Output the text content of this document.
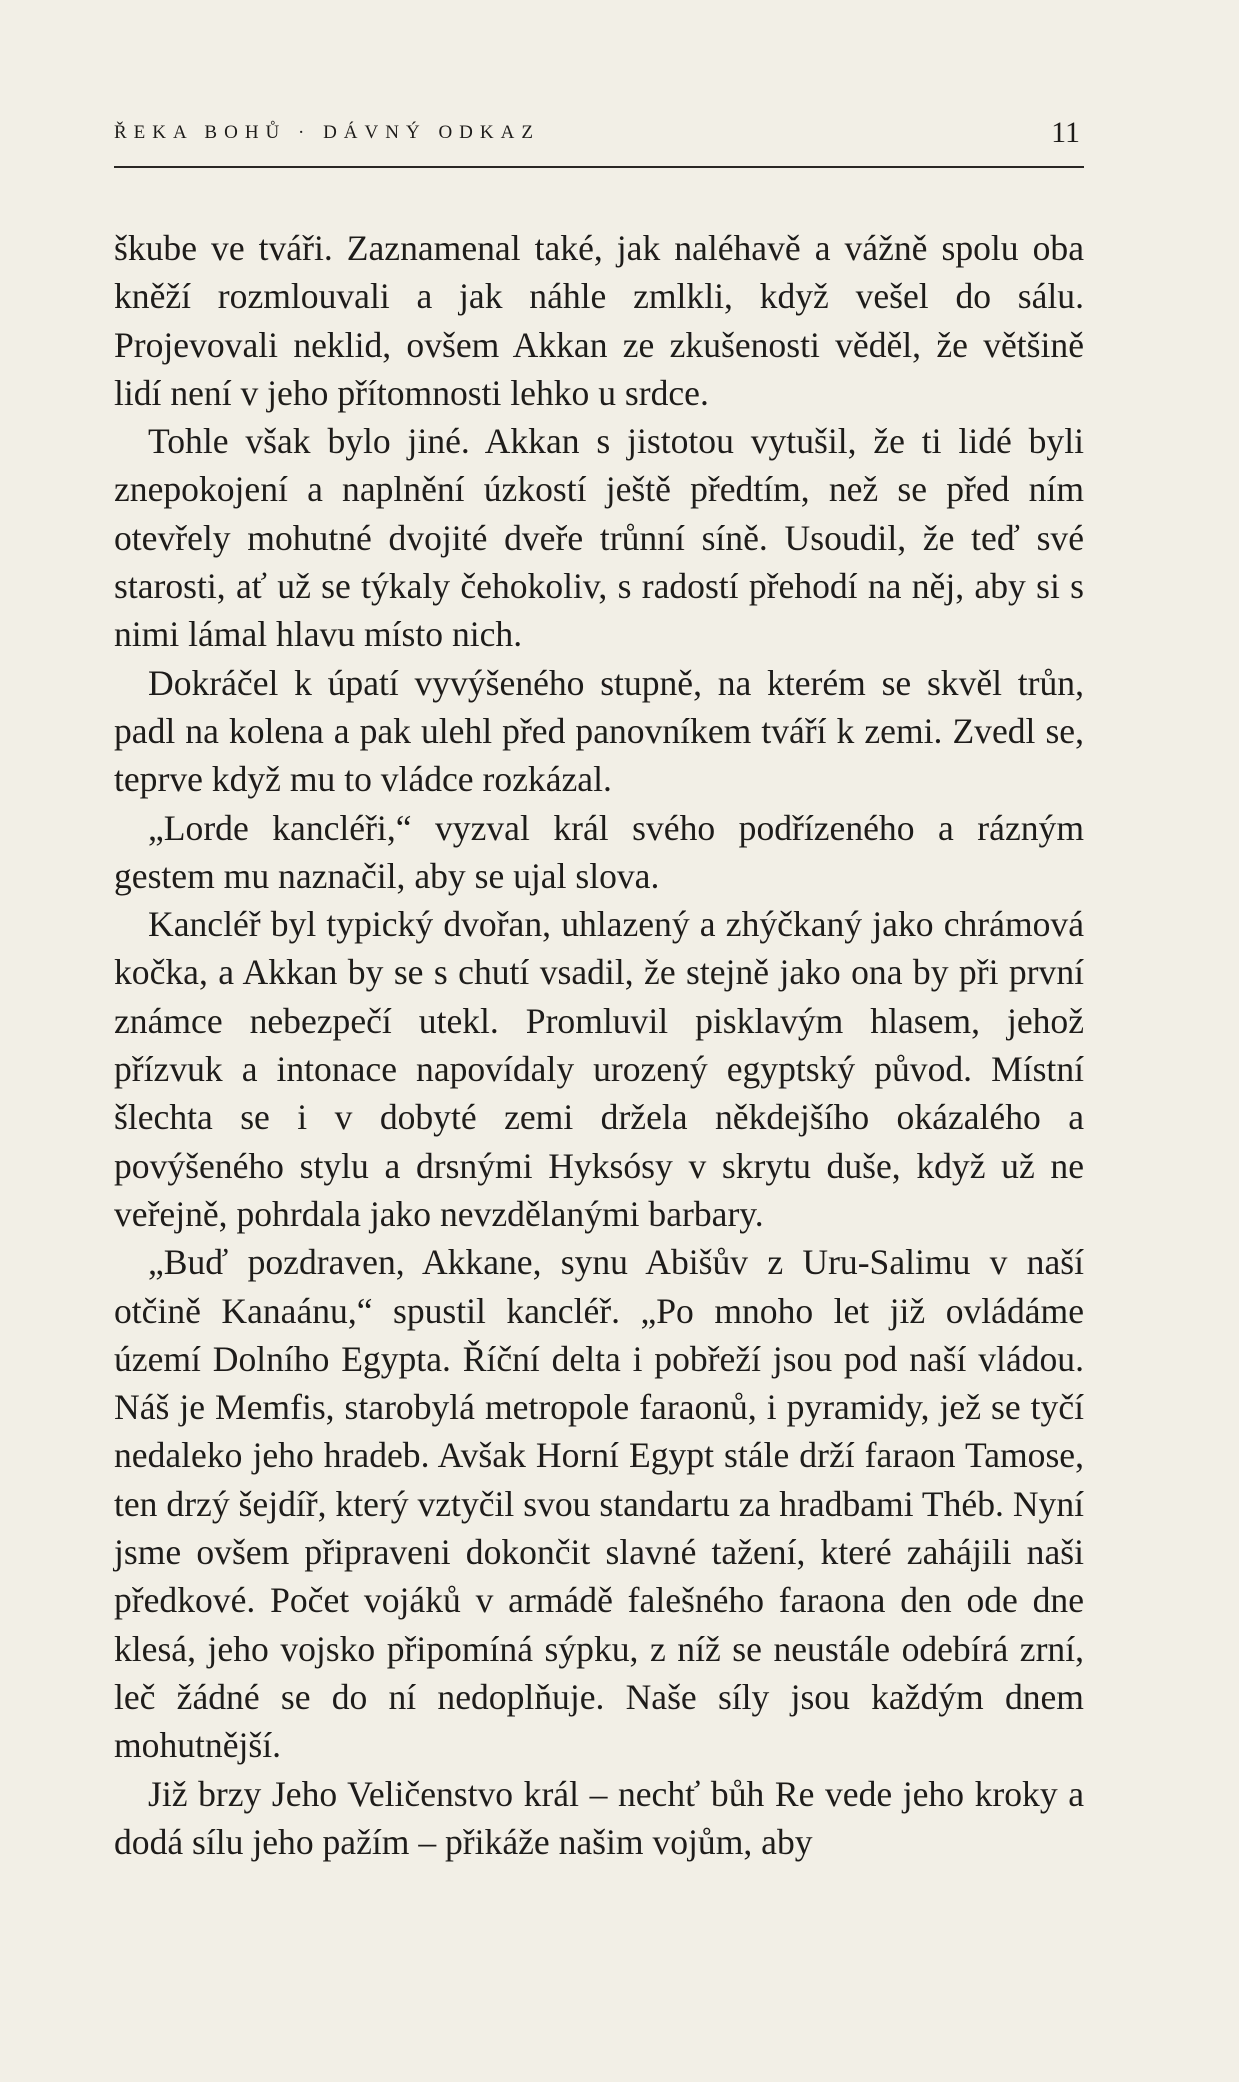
ŘEKA BOHŮ · DÁVNÝ ODKAZ	11

škube ve tváři. Zaznamenal také, jak naléhavě a vážně spolu oba kněží rozmlouvali a jak náhle zmlkli, když vešel do sálu. Projevovali neklid, ovšem Akkan ze zkušenosti věděl, že většině lidí není v jeho přítomnosti lehko u srdce.

Tohle však bylo jiné. Akkan s jistotou vytušil, že ti lidé byli znepokojení a naplnění úzkostí ještě předtím, než se před ním otevřely mohutné dvojité dveře trůnní síně. Usoudil, že teď své starosti, ať už se týkaly čehokoliv, s radostí přehodí na něj, aby si s nimi lámal hlavu místo nich.

Dokráčel k úpatí vyvýšeného stupně, na kterém se skvěl trůn, padl na kolena a pak ulehl před panovníkem tváří k zemi. Zvedl se, teprve když mu to vládce rozkázal.

„Lorde kancléři,“ vyzval král svého podřízeného a rázným gestem mu naznačil, aby se ujal slova.

Kancléř byl typický dvořan, uhlazený a zhýčkaný jako chrámová kočka, a Akkan by se s chutí vsadil, že stejně jako ona by při první známce nebezpečí utekl. Promluvil pisklavým hlasem, jehož přízvuk a intonace napovídaly urozený egyptský původ. Místní šlechta se i v dobyté zemi držela někdejšího okázalého a povýšeného stylu a drsnými Hyksósy v skrytu duše, když už ne veřejně, pohrdala jako nevzdělanými barbary.

„Buď pozdraven, Akkane, synu Abišův z Uru-Salimu v naší otčině Kanaánu,“ spustil kancléř. „Po mnoho let již ovládáme území Dolního Egypta. Říční delta i pobřeží jsou pod naší vládou. Náš je Memfis, starobylá metropole faraonů, i pyramidy, jež se tyčí nedaleko jeho hradeb. Avšak Horní Egypt stále drží faraon Tamose, ten drzý šejdíř, který vztyčil svou standartu za hradbami Théb. Nyní jsme ovšem připraveni dokončit slavné tažení, které zahájili naši předkové. Počet vojáků v armádě falešného faraona den ode dne klesá, jeho vojsko připomíná sýpku, z níž se neustále odebírá zrní, leč žádné se do ní nedoplňuje. Naše síly jsou každým dnem mohutnější.

Již brzy Jeho Veličenstvo král – nechť bůh Re vede jeho kroky a dodá sílu jeho pažím – přikáže našim vojům, aby
